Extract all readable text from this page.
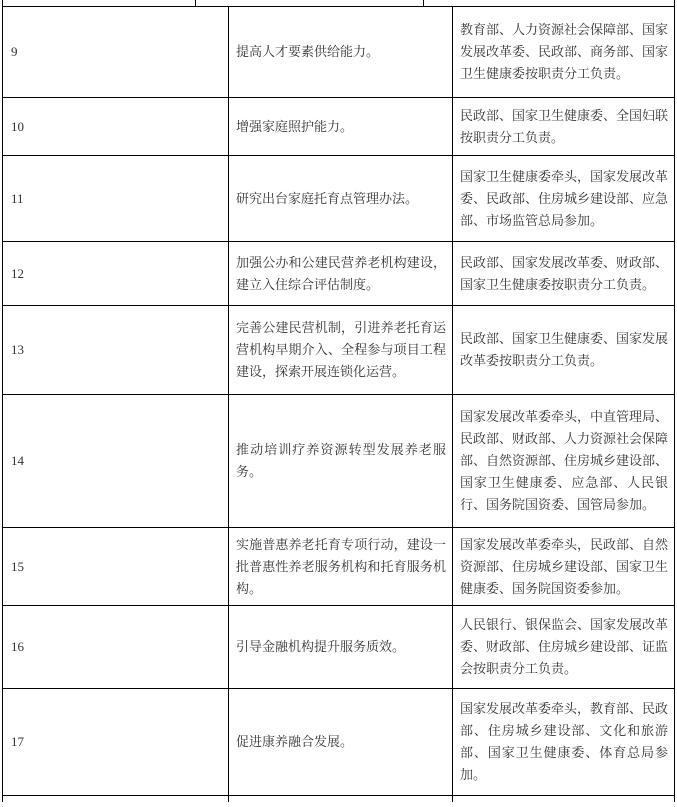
9	提高人才要素供给能力。	教育部、人力资源社会保障部、国家发展改革委、民政部、商务部、国家卫生健康委按职责分工负责。
10	增强家庭照护能力。	民政部、国家卫生健康委、全国妇联按职责分工负责。
11	研究出台家庭托育点管理办法。	国家卫生健康委牵头，国家发展改革委、民政部、住房城乡建设部、应急部、市场监管总局参加。
12	加强公办和公建民营养老机构建设，建立入住综合评估制度。	民政部、国家发展改革委、财政部、国家卫生健康委按职责分工负责。
13	完善公建民营机制，引进养老托育运营机构早期介入、全程参与项目工程建设，探索开展连锁化运营。	民政部、国家卫生健康委、国家发展改革委按职责分工负责。
14	推动培训疗养资源转型发展养老服务。	国家发展改革委牵头，中直管理局、民政部、财政部、人力资源社会保障部、自然资源部、住房城乡建设部、国家卫生健康委、应急部、人民银行、国务院国资委、国管局参加。
15	实施普惠养老托育专项行动，建设一批普惠性养老服务机构和托育服务机构。	国家发展改革委牵头，民政部、自然资源部、住房城乡建设部、国家卫生健康委、国务院国资委参加。
16	引导金融机构提升服务质效。	人民银行、银保监会、国家发展改革委、财政部、住房城乡建设部、证监会按职责分工负责。
17	促进康养融合发展。	国家发展改革委牵头，教育部、民政部、住房城乡建设部、文化和旅游部、国家卫生健康委、体育总局参加。
